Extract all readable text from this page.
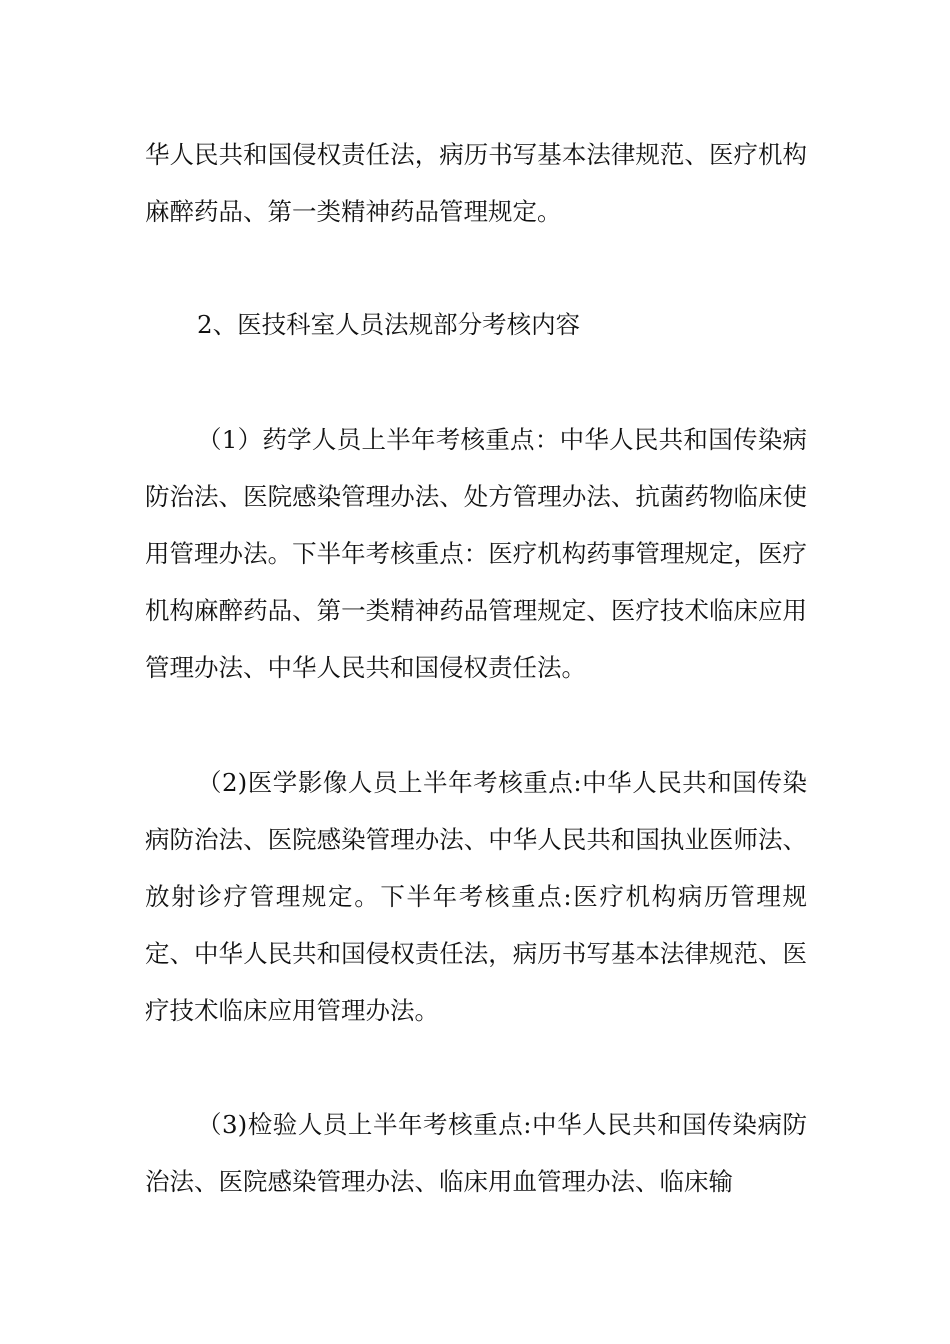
华人民共和国侵权责任法，病历书写基本法律规范、医疗机构麻醉药品、第一类精神药品管理规定。

2、医技科室人员法规部分考核内容

（1）药学人员上半年考核重点：中华人民共和国传染病防治法、医院感染管理办法、处方管理办法、抗菌药物临床使用管理办法。下半年考核重点：医疗机构药事管理规定，医疗机构麻醉药品、第一类精神药品管理规定、医疗技术临床应用管理办法、中华人民共和国侵权责任法。

（2)医学影像人员上半年考核重点:中华人民共和国传染病防治法、医院感染管理办法、中华人民共和国执业医师法、放射诊疗管理规定。下半年考核重点:医疗机构病历管理规定、中华人民共和国侵权责任法，病历书写基本法律规范、医疗技术临床应用管理办法。

（3)检验人员上半年考核重点:中华人民共和国传染病防治法、医院感染管理办法、临床用血管理办法、临床输
